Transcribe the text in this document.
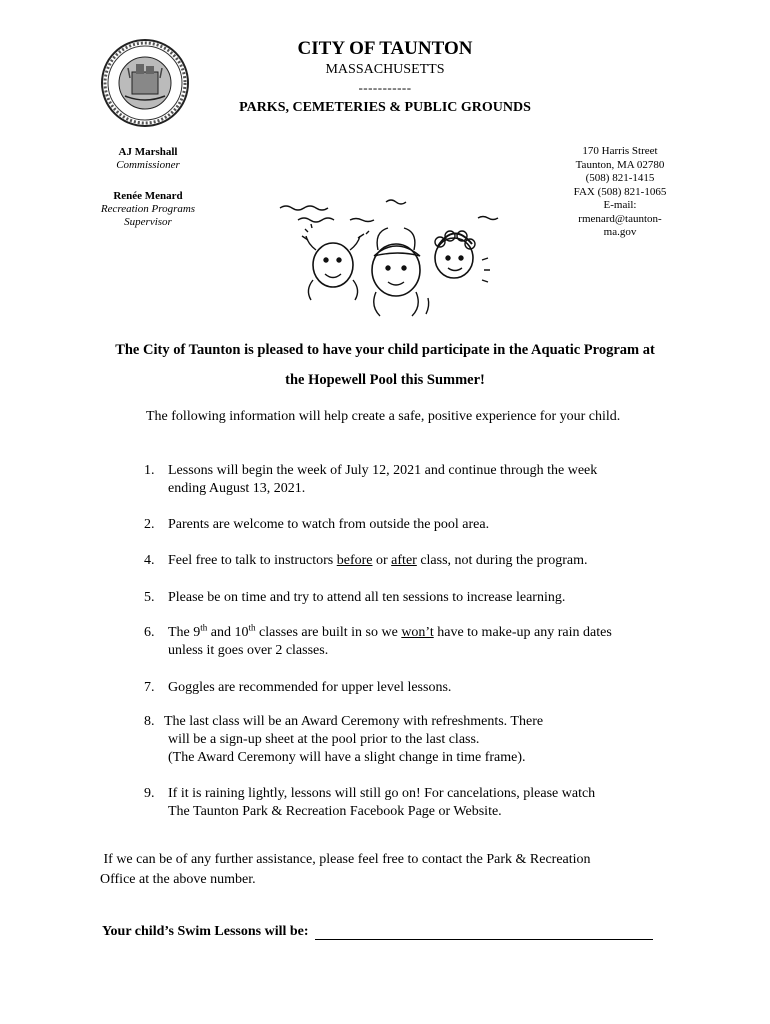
CITY OF TAUNTON
MASSACHUSETTS
-----------
PARKS, CEMETERIES & PUBLIC GROUNDS
AJ Marshall
Commissioner
Renée Menard
Recreation Programs
Supervisor
170 Harris Street
Taunton, MA 02780
(508) 821-1415
FAX (508) 821-1065
E-mail:
rmenard@taunton-
ma.gov
The City of Taunton is pleased to have your child participate in the Aquatic Program at
the Hopewell Pool this Summer!
The following information will help create a safe, positive experience for your child.
1. Lessons will begin the week of July 12, 2021 and continue through the week
ending August 13, 2021.
2. Parents are welcome to watch from outside the pool area.
4. Feel free to talk to instructors before or after class, not during the program.
5. Please be on time and try to attend all ten sessions to increase learning.
6. The 9th and 10th classes are built in so we won’t have to make-up any rain dates
unless it goes over 2 classes.
7. Goggles are recommended for upper level lessons.
8. The last class will be an Award Ceremony with refreshments. There
will be a sign-up sheet at the pool prior to the last class.
(The Award Ceremony will have a slight change in time frame).
9. If it is raining lightly, lessons will still go on! For cancelations, please watch
The Taunton Park & Recreation Facebook Page or Website.
If we can be of any further assistance, please feel free to contact the Park & Recreation
Office at the above number.
Your child’s Swim Lessons will be:
